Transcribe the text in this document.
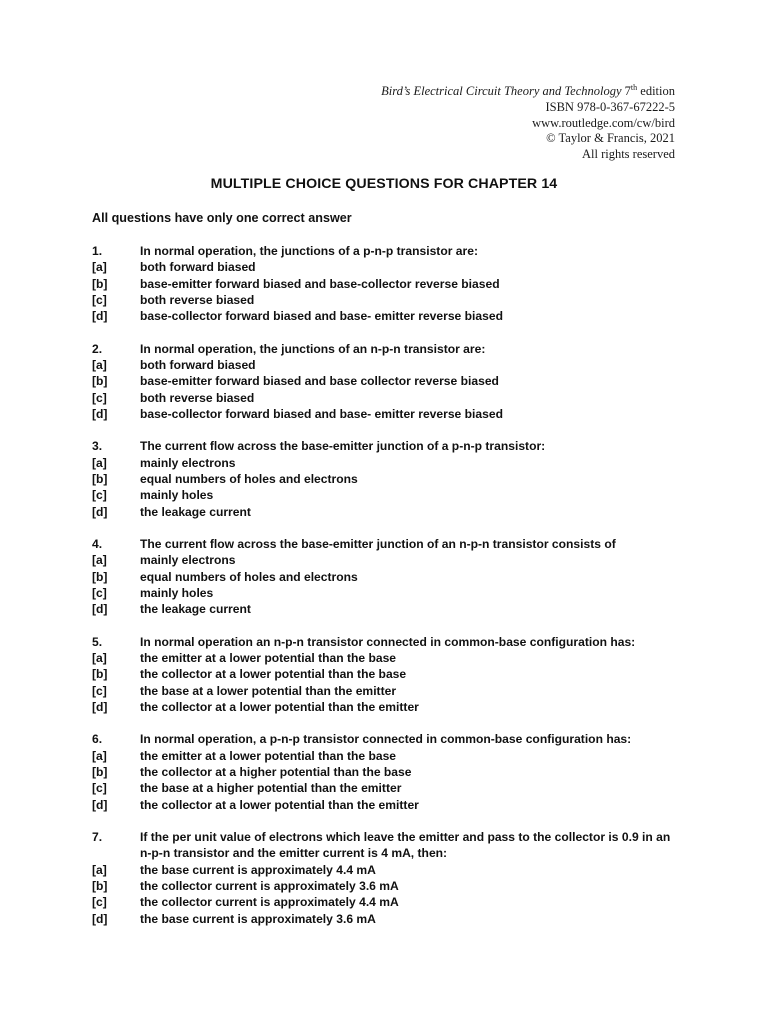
Bird’s Electrical Circuit Theory and Technology 7th edition
ISBN 978-0-367-67222-5
www.routledge.com/cw/bird
© Taylor & Francis, 2021
All rights reserved
MULTIPLE CHOICE QUESTIONS FOR CHAPTER 14
All questions have only one correct answer
1.	In normal operation, the junctions of a p-n-p transistor are:
[a]	both forward biased
[b]	base-emitter forward biased and base-collector reverse biased
[c]	both reverse biased
[d]	base-collector forward biased and base- emitter reverse biased
2.	In normal operation, the junctions of an n-p-n transistor are:
[a]	both forward biased
[b]	base-emitter forward biased and base collector reverse biased
[c]	both reverse biased
[d]	base-collector forward biased and base- emitter reverse biased
3.	The current flow across the base-emitter junction of a p-n-p transistor:
[a]	mainly electrons
[b]	equal numbers of holes and electrons
[c]	mainly holes
[d]	the leakage current
4.	The current flow across the base-emitter junction of an n-p-n transistor consists of
[a]	mainly electrons
[b]	equal numbers of holes and electrons
[c]	mainly holes
[d]	the leakage current
5.	In normal operation an n-p-n transistor connected in common-base configuration has:
[a]	the emitter at a lower potential than the base
[b]	the collector at a lower potential than the base
[c]	the base at a lower potential than the emitter
[d]	the collector at a lower potential than the emitter
6.	In normal operation, a p-n-p transistor connected in common-base configuration has:
[a]	the emitter at a lower potential than the base
[b]	the collector at a higher potential than the base
[c]	the base at a higher potential than the emitter
[d]	the collector at a lower potential than the emitter
7.	If the per unit value of electrons which leave the emitter and pass to the collector is 0.9 in an
n-p-n transistor and the emitter current is 4 mA, then:
[a]	the base current is approximately 4.4 mA
[b]	the collector current is approximately 3.6 mA
[c]	the collector current is approximately 4.4 mA
[d]	the base current is approximately 3.6 mA
